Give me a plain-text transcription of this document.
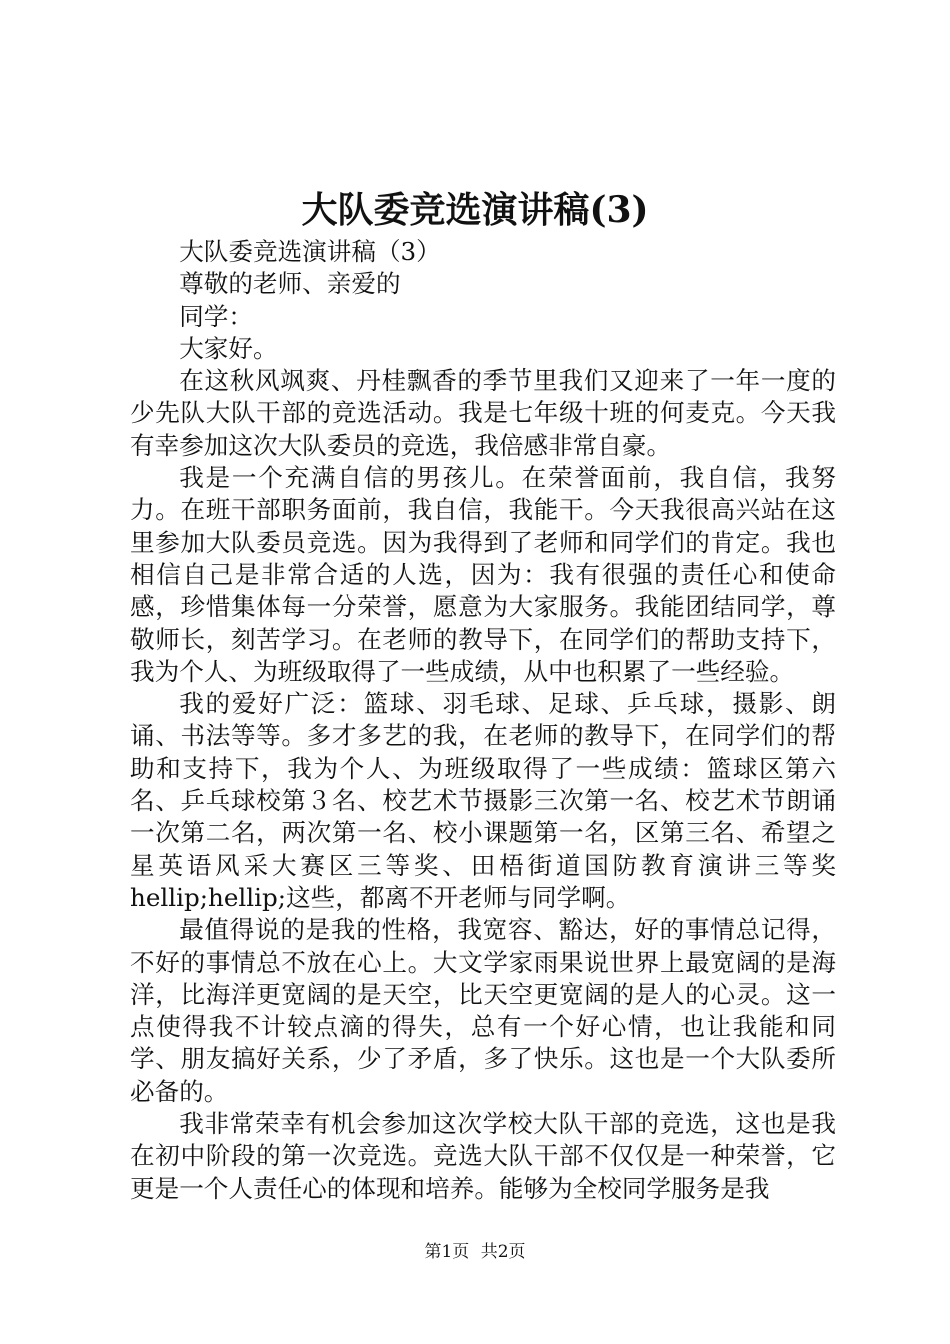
大队委竞选演讲稿(3)

大队委竞选演讲稿（3）

尊敬的老师、亲爱的

同学：

大家好。

在这秋风飒爽、丹桂飘香的季节里我们又迎来了一年一度的少先队大队干部的竞选活动。我是七年级十班的何麦克。今天我有幸参加这次大队委员的竞选，我倍感非常自豪。

我是一个充满自信的男孩儿。在荣誉面前，我自信，我努力。在班干部职务面前，我自信，我能干。今天我很高兴站在这里参加大队委员竞选。因为我得到了老师和同学们的肯定。我也相信自己是非常合适的人选，因为：我有很强的责任心和使命感，珍惜集体每一分荣誉，愿意为大家服务。我能团结同学，尊敬师长，刻苦学习。在老师的教导下，在同学们的帮助支持下，我为个人、为班级取得了一些成绩，从中也积累了一些经验。

我的爱好广泛：篮球、羽毛球、足球、乒乓球，摄影、朗诵、书法等等。多才多艺的我，在老师的教导下，在同学们的帮助和支持下，我为个人、为班级取得了一些成绩：篮球区第六名、乒乓球校第３名、校艺术节摄影三次第一名、校艺术节朗诵一次第二名，两次第一名、校小课题第一名，区第三名、希望之星英语风采大赛区三等奖、田梧街道国防教育演讲三等奖hellip;hellip;这些，都离不开老师与同学啊。

最值得说的是我的性格，我宽容、豁达，好的事情总记得，不好的事情总不放在心上。大文学家雨果说世界上最宽阔的是海洋，比海洋更宽阔的是天空，比天空更宽阔的是人的心灵。这一点使得我不计较点滴的得失，总有一个好心情，也让我能和同学、朋友搞好关系，少了矛盾，多了快乐。这也是一个大队委所必备的。

我非常荣幸有机会参加这次学校大队干部的竞选，这也是我在初中阶段的第一次竞选。竞选大队干部不仅仅是一种荣誉，它更是一个人责任心的体现和培养。能够为全校同学服务是我

第1页 共2页
